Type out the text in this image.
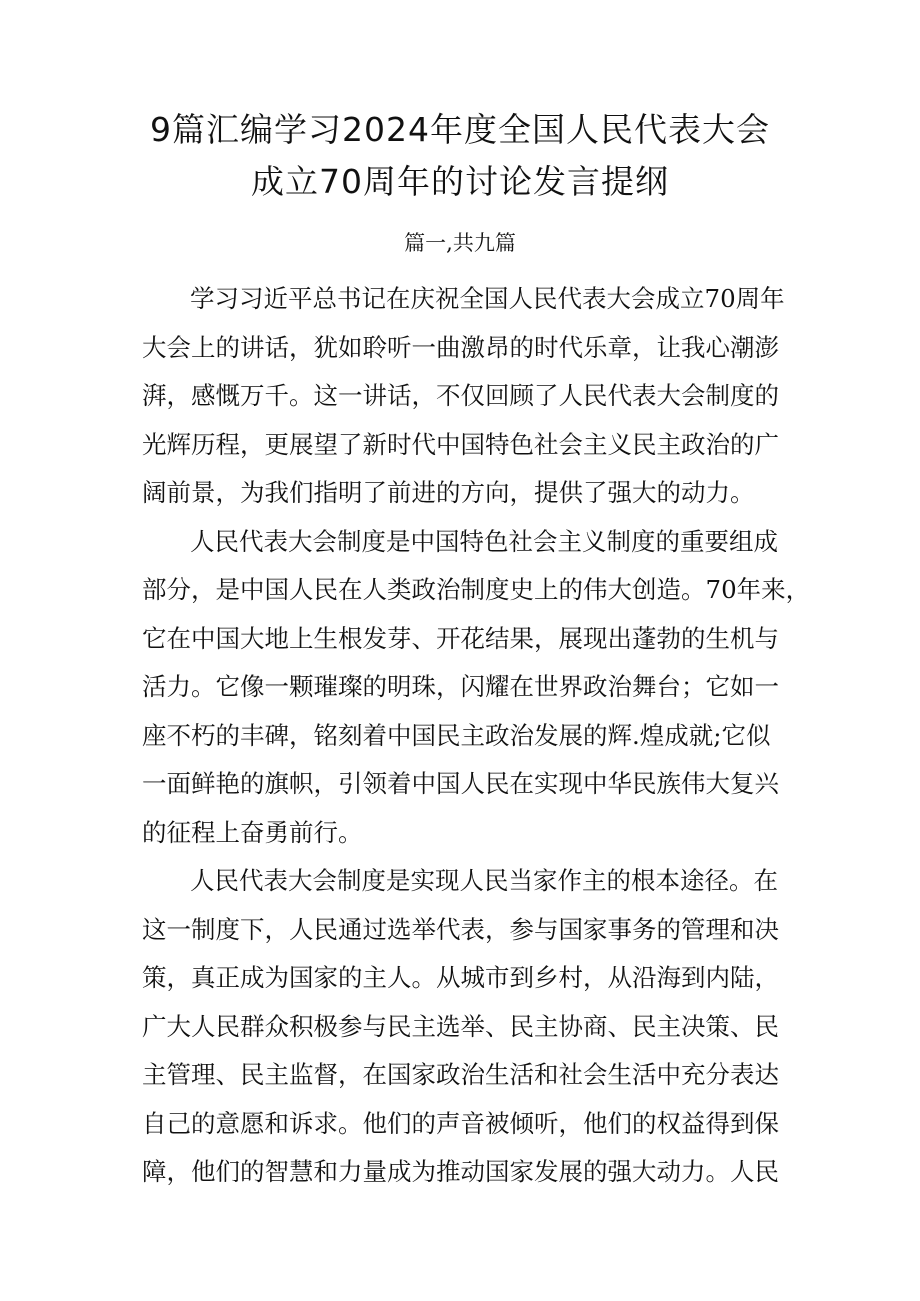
9篇汇编学习2024年度全国人民代表大会
成立70周年的讨论发言提纲
篇一,共九篇
学习习近平总书记在庆祝全国人民代表大会成立70周年
大会上的讲话，犹如聆听一曲激昂的时代乐章，让我心潮澎
湃，感慨万千。这一讲话，不仅回顾了人民代表大会制度的
光辉历程，更展望了新时代中国特色社会主义民主政治的广
阔前景，为我们指明了前进的方向，提供了强大的动力。
人民代表大会制度是中国特色社会主义制度的重要组成
部分，是中国人民在人类政治制度史上的伟大创造。70年来，
它在中国大地上生根发芽、开花结果，展现出蓬勃的生机与
活力。它像一颗璀璨的明珠，闪耀在世界政治舞台；它如一
座不朽的丰碑，铭刻着中国民主政治发展的辉.煌成就;它似
一面鲜艳的旗帜，引领着中国人民在实现中华民族伟大复兴
的征程上奋勇前行。
人民代表大会制度是实现人民当家作主的根本途径。在
这一制度下，人民通过选举代表，参与国家事务的管理和决
策，真正成为国家的主人。从城市到乡村，从沿海到内陆，
广大人民群众积极参与民主选举、民主协商、民主决策、民
主管理、民主监督，在国家政治生活和社会生活中充分表达
自己的意愿和诉求。他们的声音被倾听，他们的权益得到保
障，他们的智慧和力量成为推动国家发展的强大动力。人民
